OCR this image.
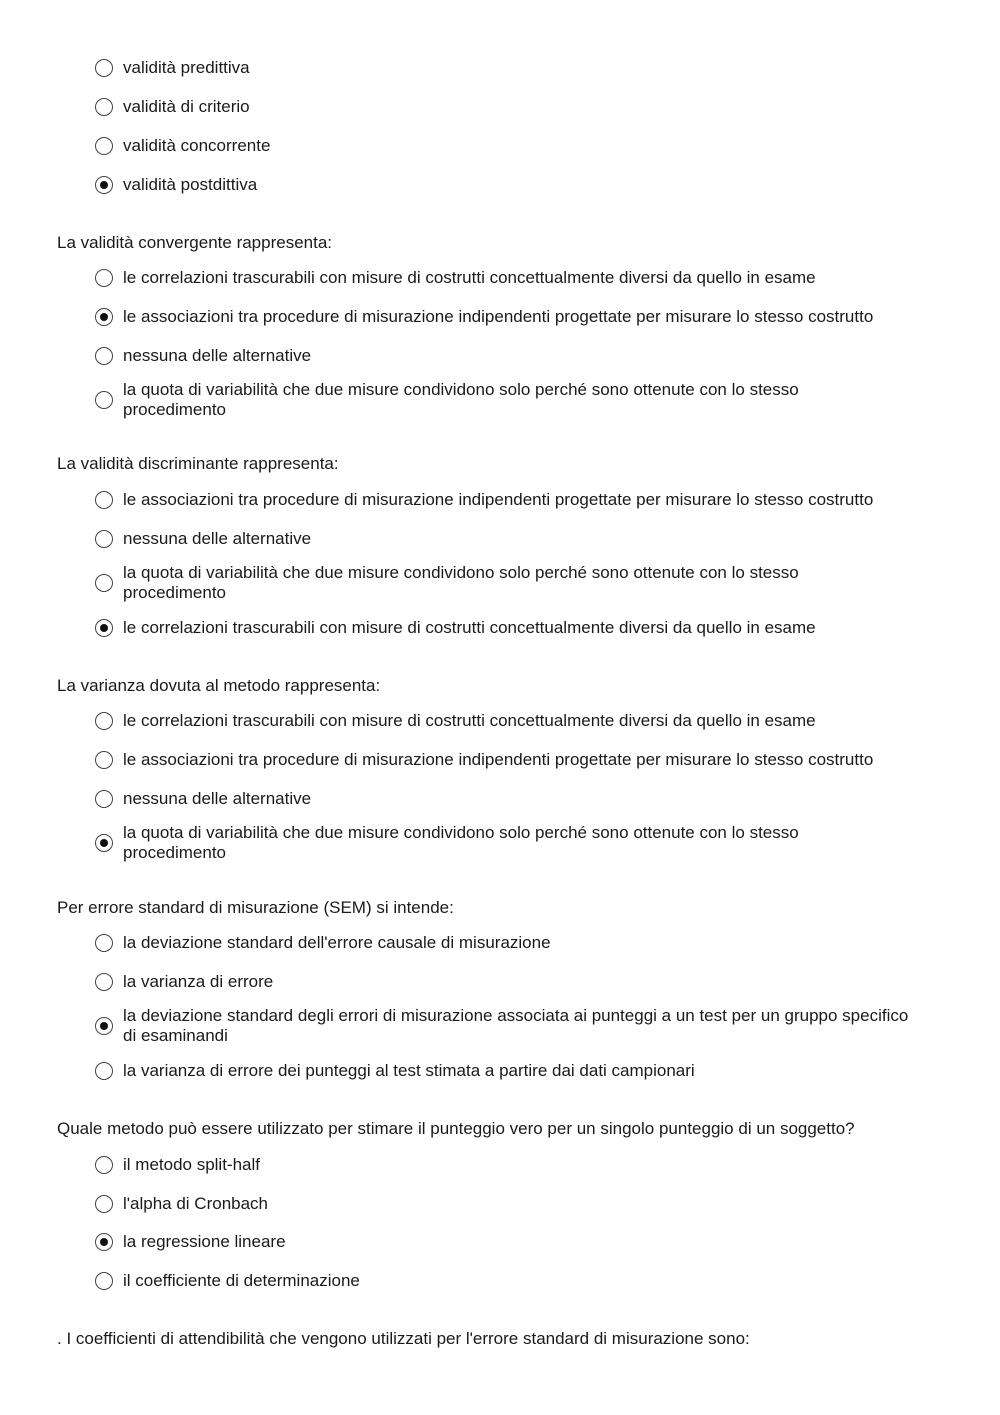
validità predittiva
validità di criterio
validità concorrente
validità postdittiva
La validità convergente rappresenta:
le correlazioni trascurabili con misure di costrutti concettualmente diversi da quello in esame
le associazioni tra procedure di misurazione indipendenti progettate per misurare lo stesso costrutto
nessuna delle alternative
la quota di variabilità che due misure condividono solo perché sono ottenute con lo stesso procedimento
La validità discriminante rappresenta:
le associazioni tra procedure di misurazione indipendenti progettate per misurare lo stesso costrutto
nessuna delle alternative
la quota di variabilità che due misure condividono solo perché sono ottenute con lo stesso procedimento
le correlazioni trascurabili con misure di costrutti concettualmente diversi da quello in esame
La varianza dovuta al metodo rappresenta:
le correlazioni trascurabili con misure di costrutti concettualmente diversi da quello in esame
le associazioni tra procedure di misurazione indipendenti progettate per misurare lo stesso costrutto
nessuna delle alternative
la quota di variabilità che due misure condividono solo perché sono ottenute con lo stesso procedimento
Per errore standard di misurazione (SEM) si intende:
la deviazione standard dell'errore causale di misurazione
la varianza di errore
la deviazione standard degli errori di misurazione associata ai punteggi a un test per un gruppo specifico di esaminandi
la varianza di errore dei punteggi al test stimata a partire dai dati campionari
Quale metodo può essere utilizzato per stimare il punteggio vero per un singolo punteggio di un soggetto?
il metodo split-half
l'alpha di Cronbach
la regressione lineare
il coefficiente di determinazione
. I coefficienti di attendibilità che vengono utilizzati per l'errore standard di misurazione sono:
